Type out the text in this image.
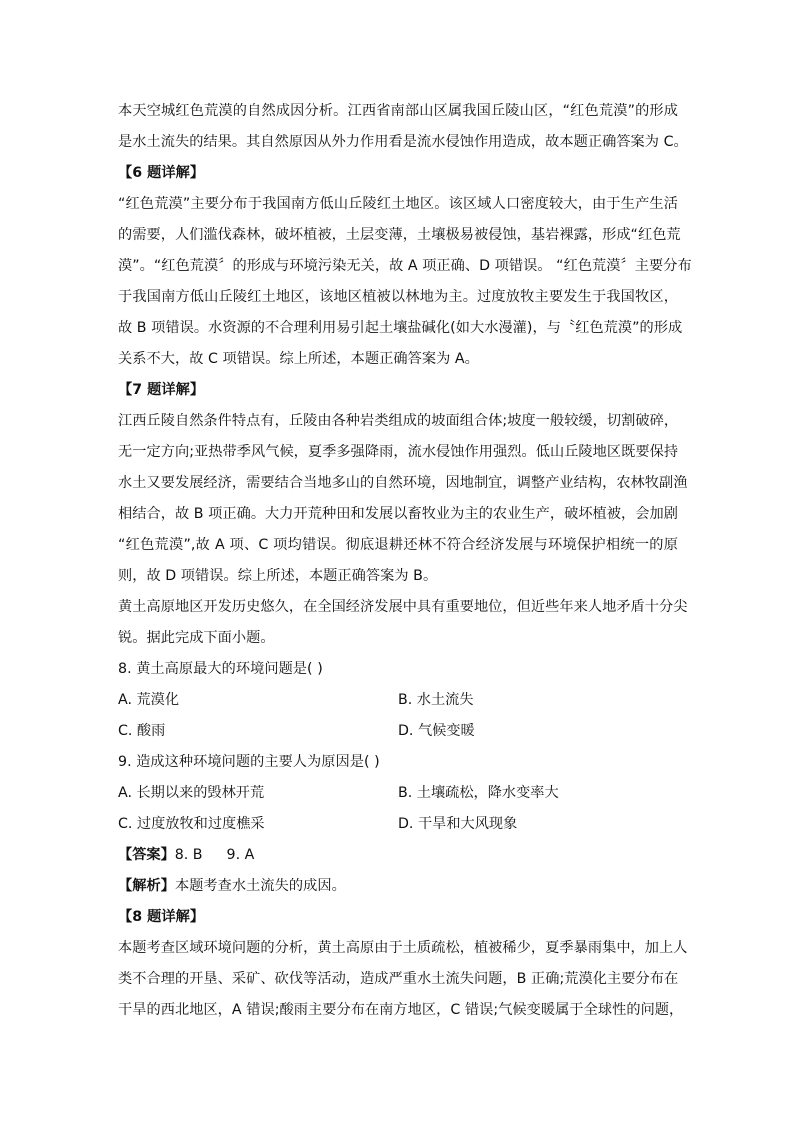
本天空城红色荒漠的自然成因分析。江西省南部山区属我国丘陵山区，“红色荒漠”的形成
是水土流失的结果。其自然原因从外力作用看是流水侵蚀作用造成，故本题正确答案为 C。
【6 题详解】
“红色荒漠”主要分布于我国南方低山丘陵红土地区。该区域人口密度较大，由于生产生活
的需要，人们滥伐森林，破坏植被，土层变薄，土壤极易被侵蚀，基岩裸露，形成“红色荒
漠”。“红色荒漠〞的形成与环境污染无关，故 A 项正确、D 项错误。 “红色荒漠〞主要分布
于我国南方低山丘陵红土地区，该地区植被以林地为主。过度放牧主要发生于我国牧区，
故 B 项错误。水资源的不合理利用易引起土壤盐碱化(如大水漫灌)，与〝红色荒漠”的形成
关系不大，故 C 项错误。综上所述，本题正确答案为 A。
【7 题详解】
江西丘陵自然条件特点有，丘陵由各种岩类组成的坡面组合体;坡度一般较缓，切割破碎，
无一定方向;亚热带季风气候，夏季多强降雨，流水侵蚀作用强烈。低山丘陵地区既要保持
水土又要发展经济，需要结合当地多山的自然环境，因地制宜，调整产业结构，农林牧副渔
相结合，故 B 项正确。大力开荒种田和发展以畜牧业为主的农业生产，破坏植被，会加剧
“红色荒漠”,故 A 项、C 项均错误。彻底退耕还林不符合经济发展与环境保护相统一的原
则，故 D 项错误。综上所述，本题正确答案为 B。
黄土高原地区开发历史悠久，在全国经济发展中具有重要地位，但近些年来人地矛盾十分尖
锐。据此完成下面小题。
8. 黄土高原最大的环境问题是( )
A. 荒漠化	B. 水土流失
C. 酸雨	D. 气候变暖
9. 造成这种环境问题的主要人为原因是( )
A. 长期以来的毁林开荒	B. 土壤疏松，降水变率大
C. 过度放牧和过度樵采	D. 干旱和大风现象
【答案】8. B 9. A
【解析】本题考查水土流失的成因。
【8 题详解】
本题考查区域环境问题的分析，黄土高原由于土质疏松，植被稀少，夏季暴雨集中，加上人
类不合理的开垦、采矿、砍伐等活动，造成严重水土流失问题，B 正确;荒漠化主要分布在
干旱的西北地区，A 错误;酸雨主要分布在南方地区，C 错误;气候变暖属于全球性的问题，
